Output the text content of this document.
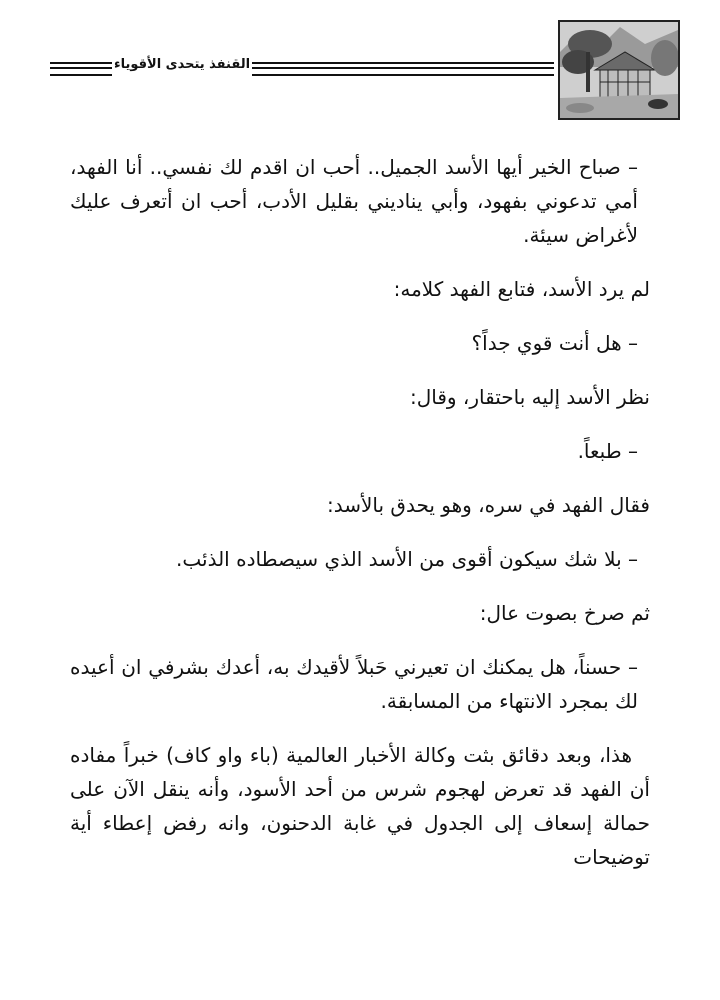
القنفذ يتحدى الأقوياء

– صباح الخير أيها الأسد الجميل.. أحب ان اقدم لك نفسي.. أنا الفهد، أمي تدعوني بفهود، وأبي يناديني بقليل الأدب، أحب ان أتعرف عليك لأغراض سيئة.

لم يرد الأسد، فتابع الفهد كلامه:

– هل أنت قوي جداً؟

نظر الأسد إليه باحتقار، وقال:

– طبعاً.

فقال الفهد في سره، وهو يحدق بالأسد:

– بلا شك سيكون أقوى من الأسد الذي سيصطاده الذئب.

ثم صرخ بصوت عال:

– حسناً، هل يمكنك ان تعيرني حَبلاً لأقيدك به، أعدك بشرفي ان أعيده لك بمجرد الانتهاء من المسابقة.

هذا، وبعد دقائق بثت وكالة الأخبار العالمية (باء واو كاف) خبراً مفاده أن الفهد قد تعرض لهجوم شرس من أحد الأسود، وأنه ينقل الآن على حمالة إسعاف إلى الجدول في غابة الدحنون، وانه رفض إعطاء أية توضيحات
